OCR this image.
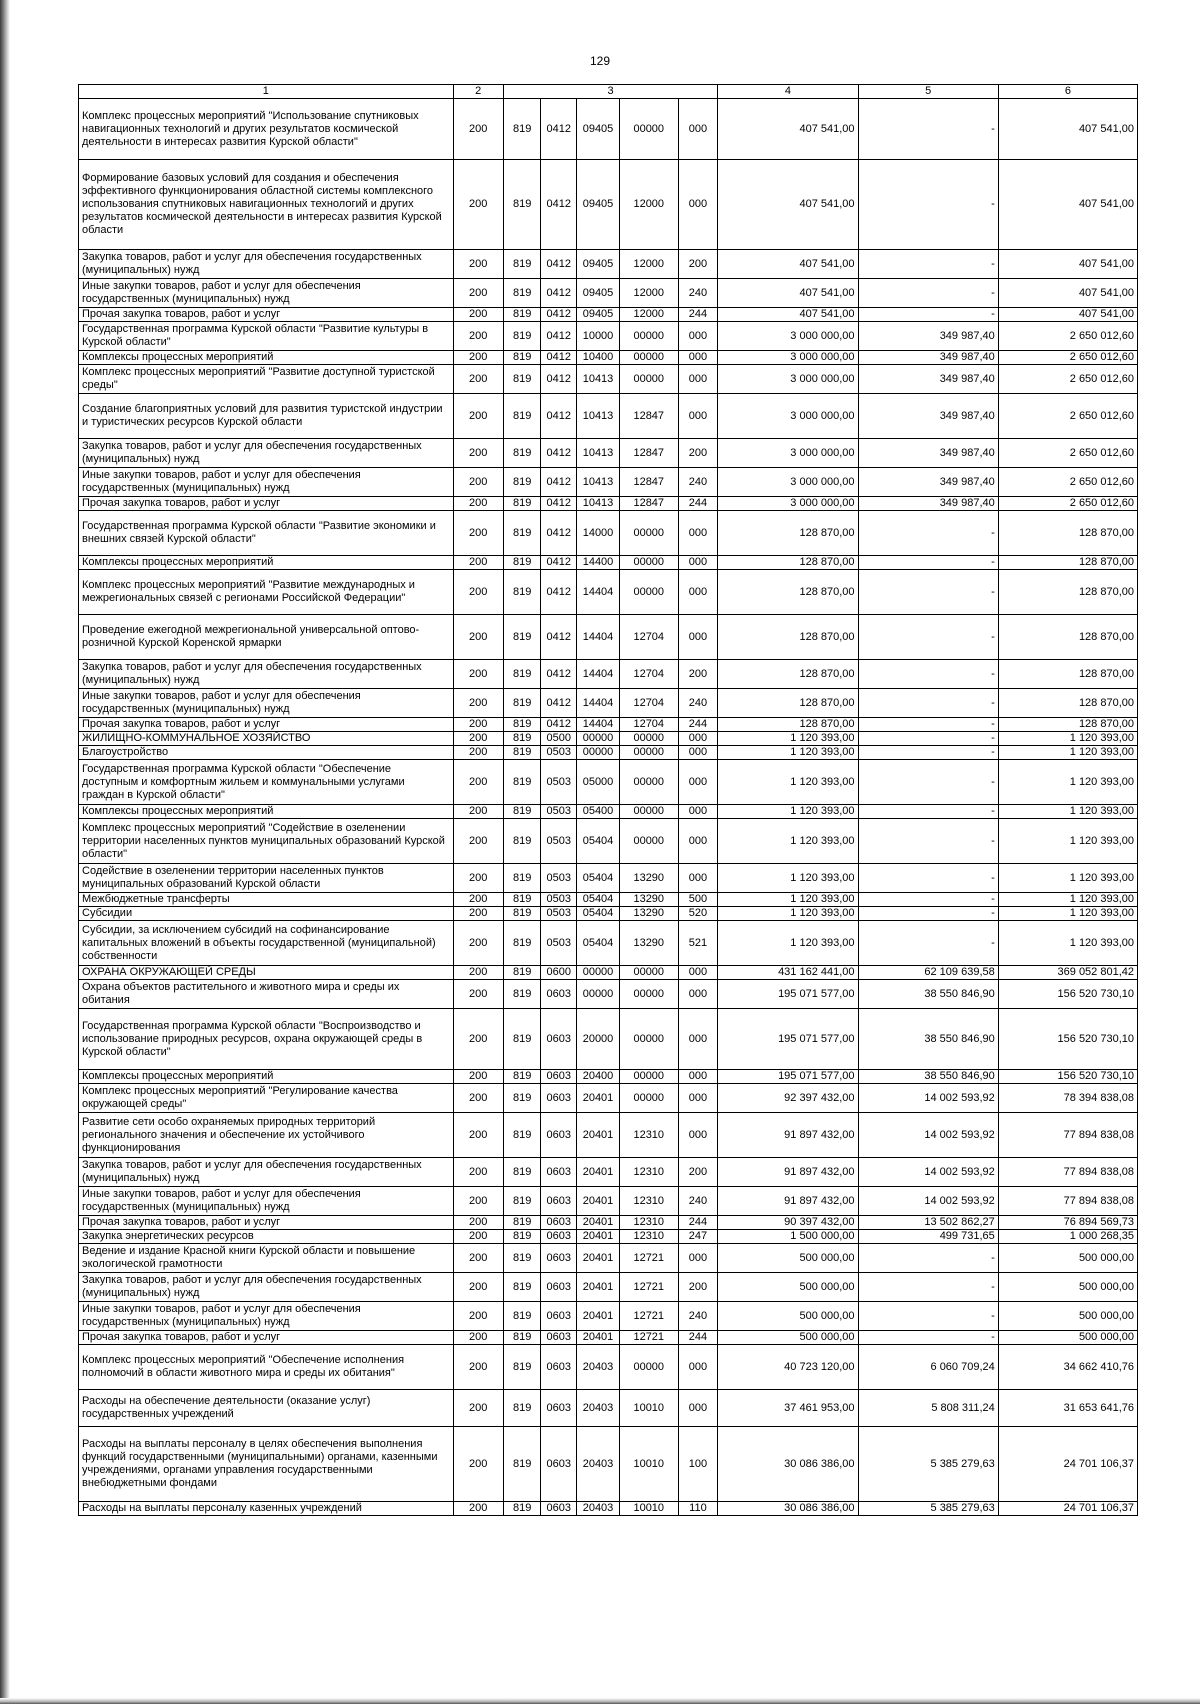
129
1	2	3					4	5	6
Комплекс процессных мероприятий "Использование спутниковых навигационных технологий и других результатов космической деятельности в интересах развития Курской области"	200	819	0412	09405	00000	000	407 541,00	-	407 541,00
Формирование базовых условий для создания и обеспечения эффективного функционирования областной системы комплексного использования спутниковых навигационных технологий и других результатов космической деятельности в интересах развития Курской области	200	819	0412	09405	12000	000	407 541,00	-	407 541,00
Закупка товаров, работ и услуг для обеспечения государственных (муниципальных) нужд	200	819	0412	09405	12000	200	407 541,00	-	407 541,00
Иные закупки товаров, работ и услуг для обеспечения государственных (муниципальных) нужд	200	819	0412	09405	12000	240	407 541,00	-	407 541,00
Прочая закупка товаров, работ и услуг	200	819	0412	09405	12000	244	407 541,00	-	407 541,00
Государственная программа Курской области "Развитие культуры в Курской области"	200	819	0412	10000	00000	000	3 000 000,00	349 987,40	2 650 012,60
Комплексы процессных мероприятий	200	819	0412	10400	00000	000	3 000 000,00	349 987,40	2 650 012,60
Комплекс процессных мероприятий "Развитие доступной туристской среды"	200	819	0412	10413	00000	000	3 000 000,00	349 987,40	2 650 012,60
Создание благоприятных условий для развития туристской индустрии и туристических ресурсов Курской области	200	819	0412	10413	12847	000	3 000 000,00	349 987,40	2 650 012,60
Закупка товаров, работ и услуг для обеспечения государственных (муниципальных) нужд	200	819	0412	10413	12847	200	3 000 000,00	349 987,40	2 650 012,60
Иные закупки товаров, работ и услуг для обеспечения государственных (муниципальных) нужд	200	819	0412	10413	12847	240	3 000 000,00	349 987,40	2 650 012,60
Прочая закупка товаров, работ и услуг	200	819	0412	10413	12847	244	3 000 000,00	349 987,40	2 650 012,60
Государственная программа Курской области "Развитие экономики и внешних связей Курской области"	200	819	0412	14000	00000	000	128 870,00	-	128 870,00
Комплексы процессных мероприятий	200	819	0412	14400	00000	000	128 870,00	-	128 870,00
Комплекс процессных мероприятий "Развитие международных и межрегиональных связей с регионами Российской Федерации"	200	819	0412	14404	00000	000	128 870,00	-	128 870,00
Проведение ежегодной межрегиональной универсальной оптово-розничной Курской Коренской ярмарки	200	819	0412	14404	12704	000	128 870,00	-	128 870,00
Закупка товаров, работ и услуг для обеспечения государственных (муниципальных) нужд	200	819	0412	14404	12704	200	128 870,00	-	128 870,00
Иные закупки товаров, работ и услуг для обеспечения государственных (муниципальных) нужд	200	819	0412	14404	12704	240	128 870,00	-	128 870,00
Прочая закупка товаров, работ и услуг	200	819	0412	14404	12704	244	128 870,00	-	128 870,00
ЖИЛИЩНО-КОММУНАЛЬНОЕ ХОЗЯЙСТВО	200	819	0500	00000	00000	000	1 120 393,00	-	1 120 393,00
Благоустройство	200	819	0503	00000	00000	000	1 120 393,00	-	1 120 393,00
Государственная программа Курской области "Обеспечение доступным и комфортным жильем и коммунальными услугами граждан в Курской области"	200	819	0503	05000	00000	000	1 120 393,00	-	1 120 393,00
Комплексы процессных мероприятий	200	819	0503	05400	00000	000	1 120 393,00	-	1 120 393,00
Комплекс процессных мероприятий "Содействие в озеленении территории населенных пунктов муниципальных образований Курской области"	200	819	0503	05404	00000	000	1 120 393,00	-	1 120 393,00
Содействие в озеленении территории населенных пунктов муниципальных образований Курской области	200	819	0503	05404	13290	000	1 120 393,00	-	1 120 393,00
Межбюджетные трансферты	200	819	0503	05404	13290	500	1 120 393,00	-	1 120 393,00
Субсидии	200	819	0503	05404	13290	520	1 120 393,00	-	1 120 393,00
Субсидии, за исключением субсидий на софинансирование капитальных вложений в объекты государственной (муниципальной) собственности	200	819	0503	05404	13290	521	1 120 393,00	-	1 120 393,00
ОХРАНА ОКРУЖАЮЩЕЙ СРЕДЫ	200	819	0600	00000	00000	000	431 162 441,00	62 109 639,58	369 052 801,42
Охрана объектов растительного и животного мира и среды их обитания	200	819	0603	00000	00000	000	195 071 577,00	38 550 846,90	156 520 730,10
Государственная программа Курской области "Воспроизводство и использование природных ресурсов, охрана окружающей среды в Курской области"	200	819	0603	20000	00000	000	195 071 577,00	38 550 846,90	156 520 730,10
Комплексы процессных мероприятий	200	819	0603	20400	00000	000	195 071 577,00	38 550 846,90	156 520 730,10
Комплекс процессных мероприятий "Регулирование качества окружающей среды"	200	819	0603	20401	00000	000	92 397 432,00	14 002 593,92	78 394 838,08
Развитие сети особо охраняемых природных территорий регионального значения и обеспечение их устойчивого функционирования	200	819	0603	20401	12310	000	91 897 432,00	14 002 593,92	77 894 838,08
Закупка товаров, работ и услуг для обеспечения государственных (муниципальных) нужд	200	819	0603	20401	12310	200	91 897 432,00	14 002 593,92	77 894 838,08
Иные закупки товаров, работ и услуг для обеспечения государственных (муниципальных) нужд	200	819	0603	20401	12310	240	91 897 432,00	14 002 593,92	77 894 838,08
Прочая закупка товаров, работ и услуг	200	819	0603	20401	12310	244	90 397 432,00	13 502 862,27	76 894 569,73
Закупка энергетических ресурсов	200	819	0603	20401	12310	247	1 500 000,00	499 731,65	1 000 268,35
Ведение и издание Красной книги Курской области и повышение экологической грамотности	200	819	0603	20401	12721	000	500 000,00	-	500 000,00
Закупка товаров, работ и услуг для обеспечения государственных (муниципальных) нужд	200	819	0603	20401	12721	200	500 000,00	-	500 000,00
Иные закупки товаров, работ и услуг для обеспечения государственных (муниципальных) нужд	200	819	0603	20401	12721	240	500 000,00	-	500 000,00
Прочая закупка товаров, работ и услуг	200	819	0603	20401	12721	244	500 000,00	-	500 000,00
Комплекс процессных мероприятий "Обеспечение исполнения полномочий в области животного мира и среды их обитания"	200	819	0603	20403	00000	000	40 723 120,00	6 060 709,24	34 662 410,76
Расходы на обеспечение деятельности (оказание услуг) государственных учреждений	200	819	0603	20403	10010	000	37 461 953,00	5 808 311,24	31 653 641,76
Расходы на выплаты персоналу в целях обеспечения выполнения функций государственными (муниципальными) органами, казенными учреждениями, органами управления государственными внебюджетными фондами	200	819	0603	20403	10010	100	30 086 386,00	5 385 279,63	24 701 106,37
Расходы на выплаты персоналу казенных учреждений	200	819	0603	20403	10010	110	30 086 386,00	5 385 279,63	24 701 106,37
